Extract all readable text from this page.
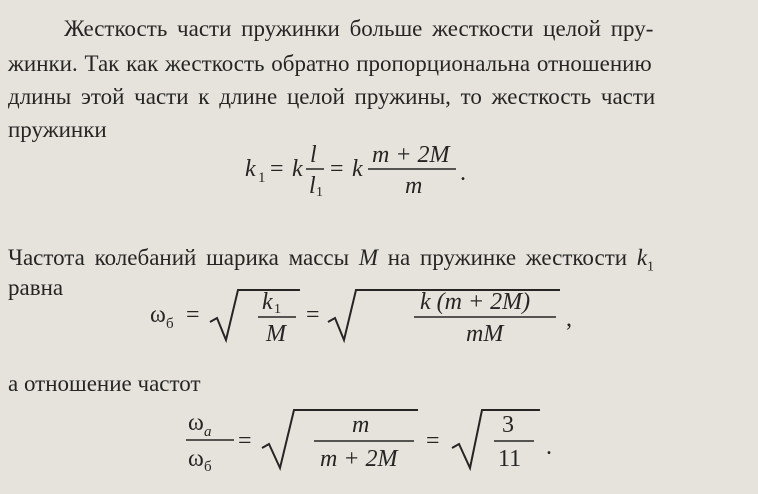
Жесткость части пружинки больше жесткости целой пру-
жинки. Так как жесткость обратно пропорциональна отношению
длины этой части к длине целой пружины, то жесткость части
пружинки
k 1 = k
l
l 1
= k
m + 2M
m .
Частота колебаний шарика массы M на пружинке жесткости $k_1$
равна
ω б =	k 1
M
=	k (m + 2M)
mM
,
а отношение частот
ω a
ω б
=
m
m + 2M
=
3
11 .
